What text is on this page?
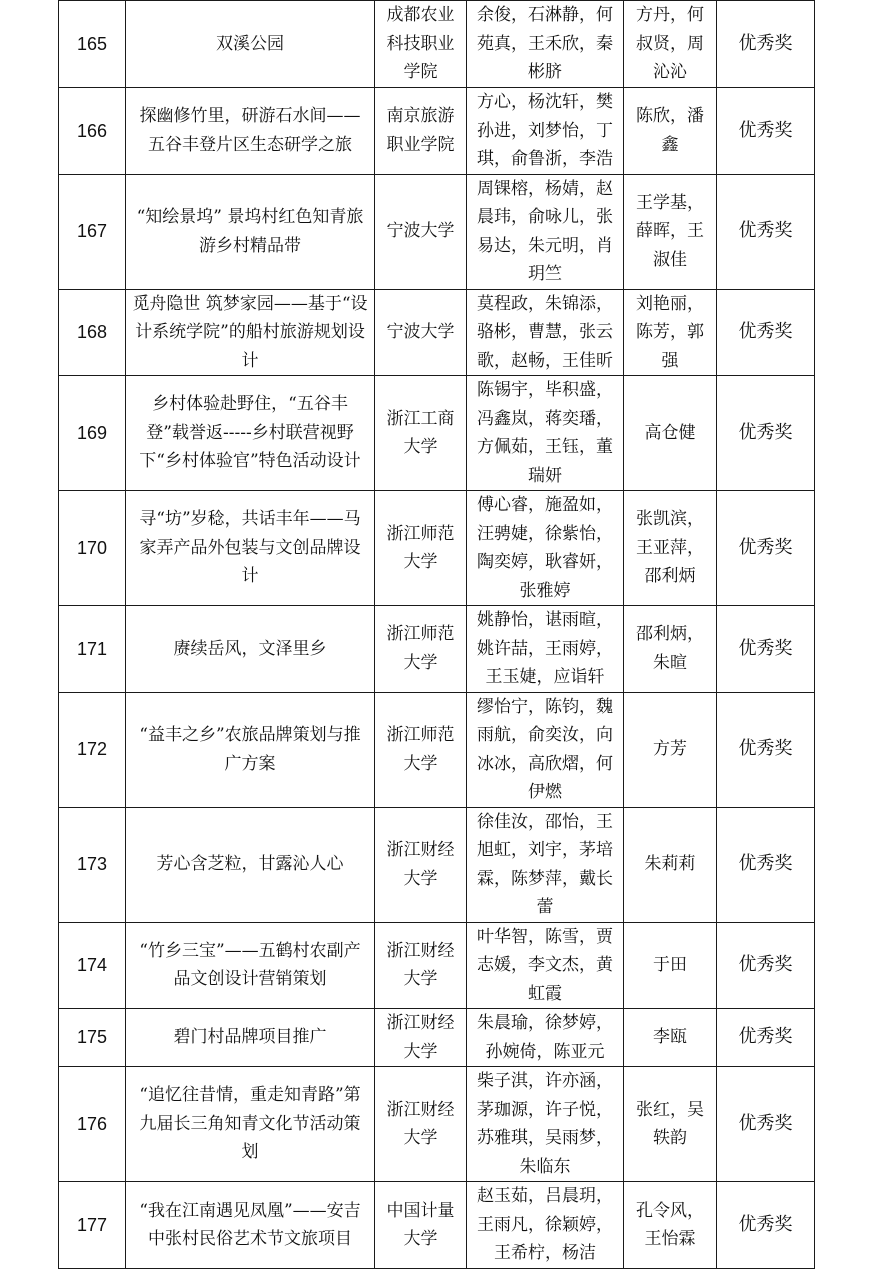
165	双溪公园	成都农业科技职业学院	余俊，石淋静，何苑真，王禾欣，秦彬脐	方丹，何叔贤，周沁沁	优秀奖
166	探幽修竹里，研游石水间——五谷丰登片区生态研学之旅	南京旅游职业学院	方心，杨沈轩，樊孙进，刘梦怡，丁琪，俞鲁浙，李浩	陈欣，潘鑫	优秀奖
167	“知绘景坞” 景坞村红色知青旅游乡村精品带	宁波大学	周锞榕，杨婧，赵晨玮，俞咏儿，张易达，朱元明，肖玥竺	王学基，薛晖，王淑佳	优秀奖
168	觅舟隐世 筑梦家园——基于“设计系统学院”的船村旅游规划设计	宁波大学	莫程政，朱锦添，骆彬，曹慧，张云歌，赵畅，王佳昕	刘艳丽，陈芳，郭强	优秀奖
169	乡村体验赴野住，“五谷丰登”载誉返-----乡村联营视野下“乡村体验官”特色活动设计	浙江工商大学	陈锡宇，毕积盛，冯鑫岚，蒋奕璠，方佩茹，王钰，董瑞妍	高仓健	优秀奖
170	寻“坊”岁稔，共话丰年——马家弄产品外包装与文创品牌设计	浙江师范大学	傅心睿，施盈如，汪骋婕，徐紫怡，陶奕婷，耿睿妍，张雅婷	张凯滨，王亚萍，邵利炳	优秀奖
171	赓续岳风，文泽里乡	浙江师范大学	姚静怡，谌雨暄，姚许喆，王雨婷，王玉婕，应诣轩	邵利炳，朱暄	优秀奖
172	“益丰之乡”农旅品牌策划与推广方案	浙江师范大学	缪怡宁，陈钧，魏雨航，俞奕汝，向冰冰，高欣熠，何伊燃	方芳	优秀奖
173	芳心含芝粒，甘露沁人心	浙江财经大学	徐佳汝，邵怡，王旭虹，刘宇，茅培霖，陈梦萍，戴长蕾	朱莉莉	优秀奖
174	“竹乡三宝”——五鹤村农副产品文创设计营销策划	浙江财经大学	叶华智，陈雪，贾志媛，李文杰，黄虹霞	于田	优秀奖
175	碧门村品牌项目推广	浙江财经大学	朱晨瑜，徐梦婷，孙婉倚，陈亚元	李瓯	优秀奖
176	“追忆往昔情，重走知青路”第九届长三角知青文化节活动策划	浙江财经大学	柴子淇，许亦涵，茅珈源，许子悦，苏雅琪，吴雨梦，朱临东	张红，吴轶韵	优秀奖
177	“我在江南遇见凤凰”——安吉中张村民俗艺术节文旅项目	中国计量大学	赵玉茹，吕晨玥，王雨凡，徐颖婷，王希柠，杨洁	孔令风，王怡霖	优秀奖
